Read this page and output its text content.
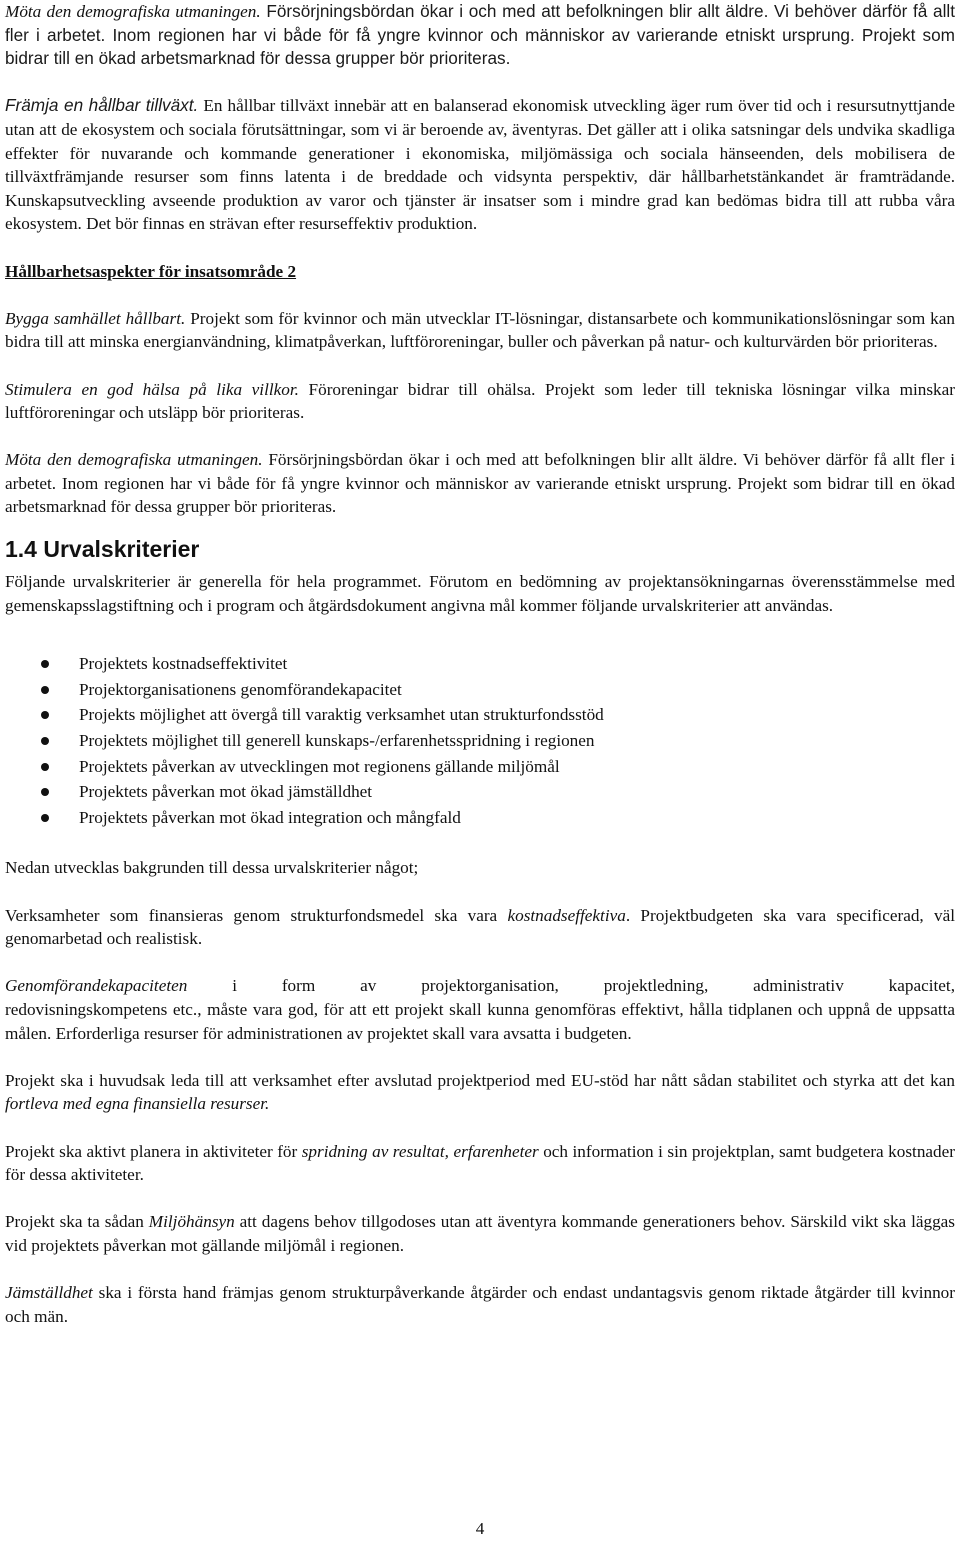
Möta den demografiska utmaningen. Försörjningsbördan ökar i och med att befolkningen blir allt äldre. Vi behöver därför få allt fler i arbetet. Inom regionen har vi både för få yngre kvinnor och människor av varierande etniskt ursprung. Projekt som bidrar till en ökad arbetsmarknad för dessa grupper bör prioriteras.

Främja en hållbar tillväxt. En hållbar tillväxt innebär att en balanserad ekonomisk utveckling äger rum över tid och i resursutnyttjande utan att de ekosystem och sociala förutsättningar, som vi är beroende av, äventyras. Det gäller att i olika satsningar dels undvika skadliga effekter för nuvarande och kommande generationer i ekonomiska, miljömässiga och sociala hänseenden, dels mobilisera de tillväxtfrämjande resurser som finns latenta i de breddade och vidsynta perspektiv, där hållbarhetstänkandet är framträdande. Kunskapsutveckling avseende produktion av varor och tjänster är insatser som i mindre grad kan bedömas bidra till att rubba våra ekosystem. Det bör finnas en strävan efter resurseffektiv produktion.

Hållbarhetsaspekter för insatsområde 2

Bygga samhället hållbart. Projekt som för kvinnor och män utvecklar IT-lösningar, distansarbete och kommunikationslösningar som kan bidra till att minska energianvändning, klimatpåverkan, luftföroreningar, buller och påverkan på natur- och kulturvärden bör prioriteras.

Stimulera en god hälsa på lika villkor. Föroreningar bidrar till ohälsa. Projekt som leder till tekniska lösningar vilka minskar luftföroreningar och utsläpp bör prioriteras.

Möta den demografiska utmaningen. Försörjningsbördan ökar i och med att befolkningen blir allt äldre. Vi behöver därför få allt fler i arbetet. Inom regionen har vi både för få yngre kvinnor och människor av varierande etniskt ursprung. Projekt som bidrar till en ökad arbetsmarknad för dessa grupper bör prioriteras.

1.4 Urvalskriterier

Följande urvalskriterier är generella för hela programmet. Förutom en bedömning av projektansökningarnas överensstämmelse med gemenskapsslagstiftning och i program och åtgärdsdokument angivna mål kommer följande urvalskriterier att användas.

Projektets kostnadseffektivitet
Projektorganisationens genomförandekapacitet
Projekts möjlighet att övergå till varaktig verksamhet utan strukturfondsstöd
Projektets möjlighet till generell kunskaps-/erfarenhetsspridning i regionen
Projektets påverkan av utvecklingen mot regionens gällande miljömål
Projektets påverkan mot ökad jämställdhet
Projektets påverkan mot ökad integration och mångfald

Nedan utvecklas bakgrunden till dessa urvalskriterier något;

Verksamheter som finansieras genom strukturfondsmedel ska vara kostnadseffektiva. Projektbudgeten ska vara specificerad, väl genomarbetad och realistisk.

Genomförandekapaciteten i form av projektorganisation, projektledning, administrativ kapacitet,

redovisningskompetens etc., måste vara god, för att ett projekt skall kunna genomföras effektivt, hålla tidplanen och uppnå de uppsatta målen. Erforderliga resurser för administrationen av projektet skall vara avsatta i budgeten.

Projekt ska i huvudsak leda till att verksamhet efter avslutad projektperiod med EU-stöd har nått sådan stabilitet och styrka att det kan fortleva med egna finansiella resurser.

Projekt ska aktivt planera in aktiviteter för spridning av resultat, erfarenheter och information i sin projektplan, samt budgetera kostnader för dessa aktiviteter.

Projekt ska ta sådan Miljöhänsyn att dagens behov tillgodoses utan att äventyra kommande generationers behov. Särskild vikt ska läggas vid projektets påverkan mot gällande miljömål i regionen.

Jämställdhet ska i första hand främjas genom strukturpåverkande åtgärder och endast undantagsvis genom riktade åtgärder till kvinnor och män.

4
